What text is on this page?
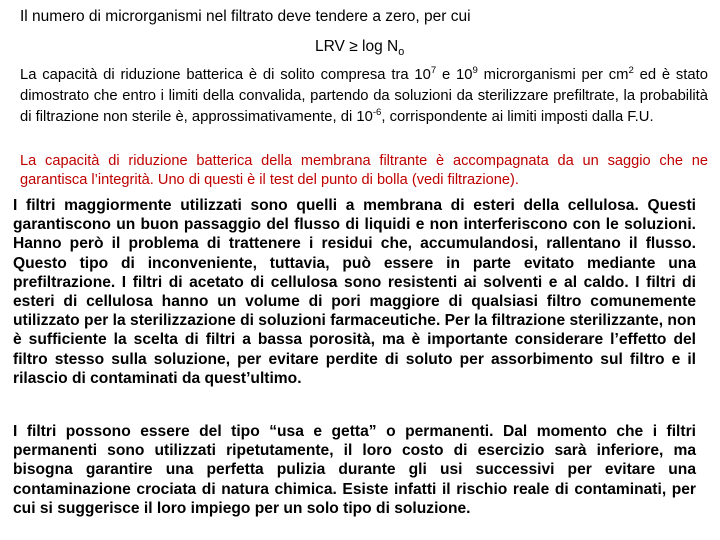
Il numero di microrganismi nel filtrato deve tendere a zero, per cui

LRV ≥ $\log N_o$

La capacità di riduzione batterica è di solito compresa tra $10^7$ e $10^9$ microrganismi per $cm^2$ ed è stato dimostrato che entro i limiti della convalida, partendo da soluzioni da sterilizzare prefiltrate, la probabilità di filtrazione non sterile è, approssimativamente, di $10^{-6}$, corrispondente ai limiti imposti dalla F.U.

La capacità di riduzione batterica della membrana filtrante è accompagnata da un saggio che ne garantisca l’integrità. Uno di questi è il test del punto di bolla (vedi filtrazione).

I filtri maggiormente utilizzati sono quelli a membrana di esteri della cellulosa. Questi garantiscono un buon passaggio del flusso di liquidi e non interferiscono con le soluzioni. Hanno però il problema di trattenere i residui che, accumulandosi, rallentano il flusso. Questo tipo di inconveniente, tuttavia, può essere in parte evitato mediante una prefiltrazione. I filtri di acetato di cellulosa sono resistenti ai solventi e al caldo. I filtri di esteri di cellulosa hanno un volume di pori maggiore di qualsiasi filtro comunemente utilizzato per la sterilizzazione di soluzioni farmaceutiche. Per la filtrazione sterilizzante, non è sufficiente la scelta di filtri a bassa porosità, ma è importante considerare l’effetto del filtro stesso sulla soluzione, per evitare perdite di soluto per assorbimento sul filtro e il rilascio di contaminati da quest’ultimo.

I filtri possono essere del tipo “usa e getta” o permanenti. Dal momento che i filtri permanenti sono utilizzati ripetutamente, il loro costo di esercizio sarà inferiore, ma bisogna garantire una perfetta pulizia durante gli usi successivi per evitare una contaminazione crociata di natura chimica. Esiste infatti il rischio reale di contaminati, per cui si suggerisce il loro impiego per un solo tipo di soluzione.
